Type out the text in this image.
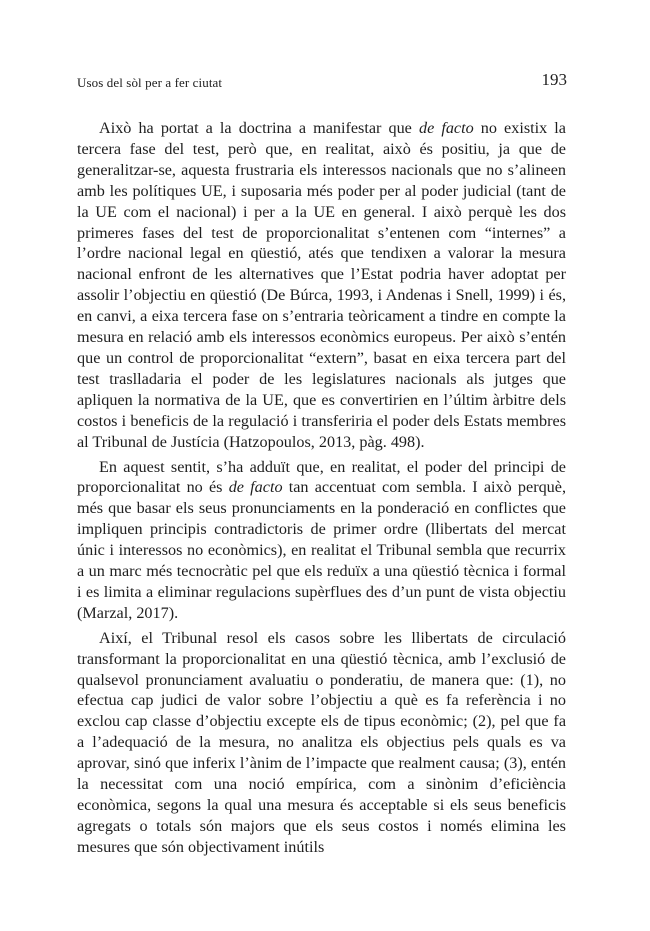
Usos del sòl per a fer ciutat	193

Això ha portat a la doctrina a manifestar que de facto no existix la tercera fase del test, però que, en realitat, això és positiu, ja que de generalitzar-se, aquesta frustraria els interessos nacionals que no s’alineen amb les polítiques UE, i suposaria més poder per al poder judicial (tant de la UE com el nacional) i per a la UE en general. I això perquè les dos primeres fases del test de proporcionalitat s’entenen com “internes” a l’ordre nacional legal en qüestió, atés que tendixen a valorar la mesura nacional enfront de les alternatives que l’Estat podria haver adoptat per assolir l’objectiu en qüestió (De Búrca, 1993, i Andenas i Snell, 1999) i és, en canvi, a eixa tercera fase on s’entraria teòricament a tindre en compte la mesura en relació amb els interessos econòmics europeus. Per això s’entén que un control de proporcionalitat “extern”, basat en eixa tercera part del test traslladaria el poder de les legislatures nacionals als jutges que apliquen la normativa de la UE, que es convertirien en l’últim àrbitre dels costos i beneficis de la regulació i transferiria el poder dels Estats membres al Tribunal de Justícia (Hatzopoulos, 2013, pàg. 498).

En aquest sentit, s’ha adduït que, en realitat, el poder del principi de proporcionalitat no és de facto tan accentuat com sembla. I això perquè, més que basar els seus pronunciaments en la ponderació en conflictes que impliquen principis contradictoris de primer ordre (llibertats del mercat únic i interessos no econòmics), en realitat el Tribunal sembla que recurrix a un marc més tecnocràtic pel que els reduïx a una qüestió tècnica i formal i es limita a eliminar regulacions supèrflues des d’un punt de vista objectiu (Marzal, 2017).

Així, el Tribunal resol els casos sobre les llibertats de circulació transformant la proporcionalitat en una qüestió tècnica, amb l’exclusió de qualsevol pronunciament avaluatiu o ponderatiu, de manera que: (1), no efectua cap judici de valor sobre l’objectiu a què es fa referència i no exclou cap classe d’objectiu excepte els de tipus econòmic; (2), pel que fa a l’adequació de la mesura, no analitza els objectius pels quals es va aprovar, sinó que inferix l’ànim de l’impacte que realment causa; (3), entén la necessitat com una noció empírica, com a sinònim d’eficiència econòmica, segons la qual una mesura és acceptable si els seus beneficis agregats o totals són majors que els seus costos i només elimina les mesures que són objectivament inútils
